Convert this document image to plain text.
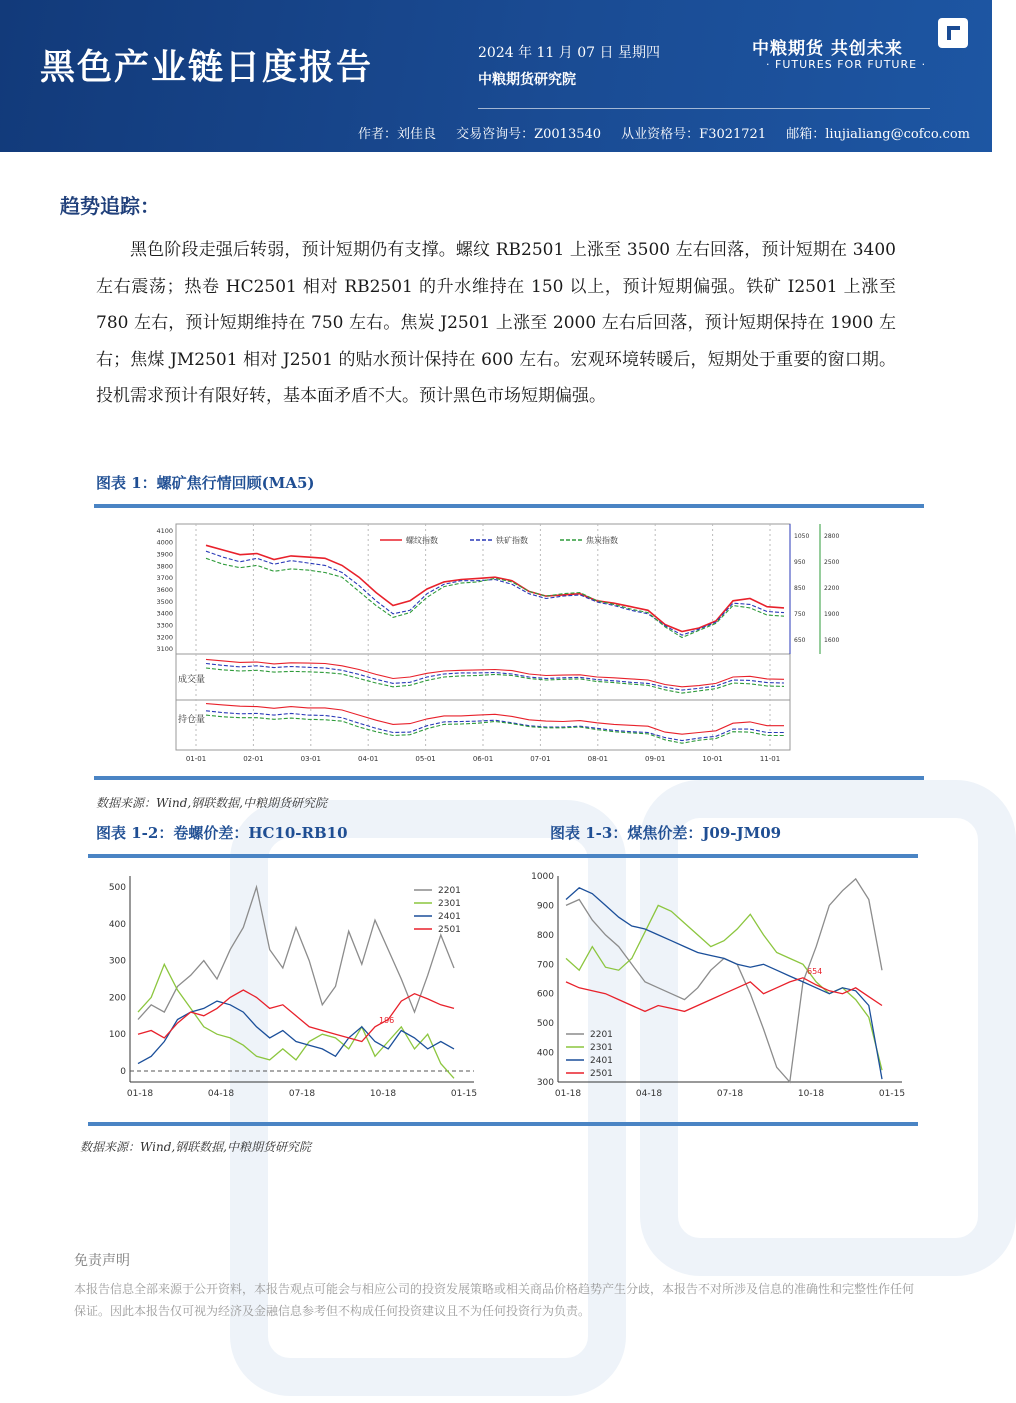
黑色产业链日度报告	2024 年 11 月 07 日 星期四
中粮期货研究院
中粮期货 共创未来
· FUTURES FOR FUTURE ·
作者：刘佳良 交易咨询号：Z0013540 从业资格号：F3021721 邮箱：liujialiang@cofco.com
趋势追踪：
黑色阶段走强后转弱，预计短期仍有支撑。螺纹 RB2501 上涨至 3500 左右回落，预计短期在 3400 左右震荡；热卷 HC2501 相对 RB2501 的升水维持在 150 以上，预计短期偏强。铁矿 I2501 上涨至 780 左右，预计短期维持在 750 左右。焦炭 J2501 上涨至 2000 左右后回落，预计短期保持在 1900 左右；焦煤 JM2501 相对 J2501 的贴水预计保持在 600 左右。宏观环境转暖后，短期处于重要的窗口期。投机需求预计有限好转，基本面矛盾不大。预计黑色市场短期偏强。
图表 1：螺矿焦行情回顾(MA5)
01-01	02-01	03-01	04-01	05-01	06-01	07-01	08-01	09-01	10-01	11-01
3100
3200
3300
3400
3500
3600
3700
3800
3900
4000
4100
1050
950
850
750
650
2800
2500
2200
1900
1600
螺纹指数	铁矿指数	焦炭指数
成交量
持仓量
数据来源：Wind,钢联数据,中粮期货研究院
图表 1-2：卷螺价差：HC10-RB10	图表 1-3：煤焦价差：J09-JM09
0
100
200
300
400
500
01-18	04-18	07-18	10-18	01-15
196
2201
2301
2401
2501
300
400
500
600
700
800
900
1000
01-18	04-18	07-18	10-18	01-15
654
2201
2301
2401
2501
数据来源：Wind,钢联数据,中粮期货研究院
免责声明
本报告信息全部来源于公开资料，本报告观点可能会与相应公司的投资发展策略或相关商品价格趋势产生分歧，本报告不对所涉及信息的准确性和完整性作任何保证。因此本报告仅可视为经济及金融信息参考但不构成任何投资建议且不为任何投资行为负责。
